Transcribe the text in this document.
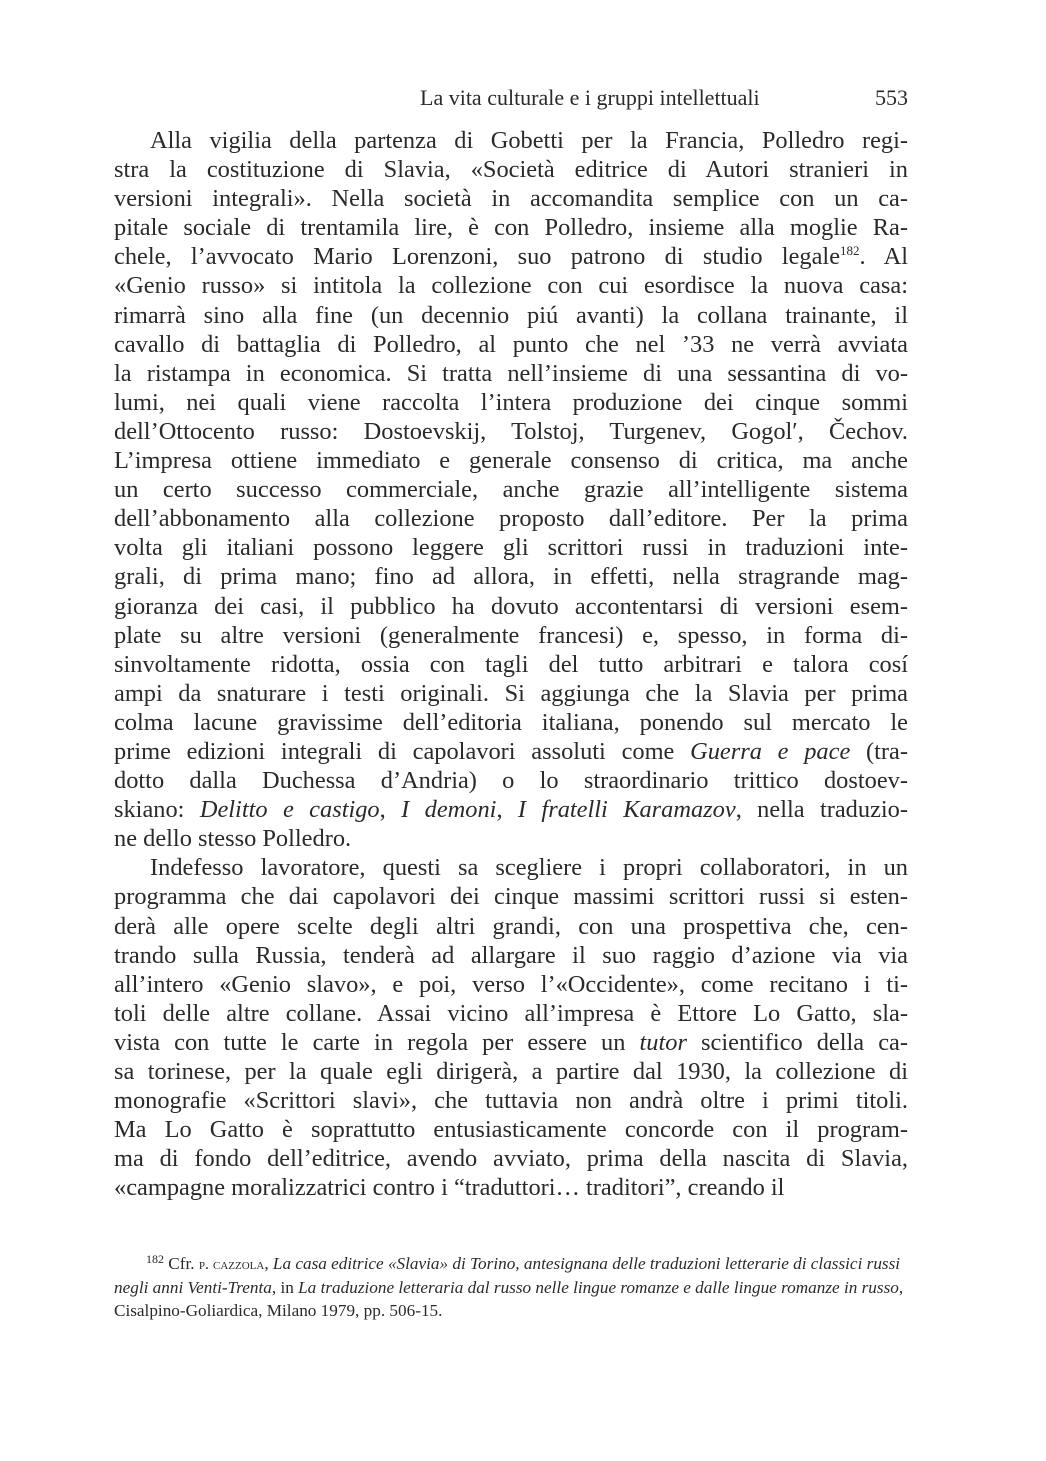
La vita culturale e i gruppi intellettuali	553
Alla vigilia della partenza di Gobetti per la Francia, Polledro regi-
stra la costituzione di Slavia, «Società editrice di Autori stranieri in
versioni integrali». Nella società in accomandita semplice con un ca-
pitale sociale di trentamila lire, è con Polledro, insieme alla moglie Ra-
chele, l’avvocato Mario Lorenzoni, suo patrono di studio legale$^{182}$. Al
«Genio russo» si intitola la collezione con cui esordisce la nuova casa:
rimarrà sino alla fine (un decennio piú avanti) la collana trainante, il
cavallo di battaglia di Polledro, al punto che nel ’33 ne verrà avviata
la ristampa in economica. Si tratta nell’insieme di una sessantina di vo-
lumi, nei quali viene raccolta l’intera produzione dei cinque sommi
dell’Ottocento russo: Dostoevskij, Tolstoj, Turgenev, Gogol′, Čechov.
L’impresa ottiene immediato e generale consenso di critica, ma anche
un certo successo commerciale, anche grazie all’intelligente sistema
dell’abbonamento alla collezione proposto dall’editore. Per la prima
volta gli italiani possono leggere gli scrittori russi in traduzioni inte-
grali, di prima mano; fino ad allora, in effetti, nella stragrande mag-
gioranza dei casi, il pubblico ha dovuto accontentarsi di versioni esem-
plate su altre versioni (generalmente francesi) e, spesso, in forma di-
sinvoltamente ridotta, ossia con tagli del tutto arbitrari e talora cosí
ampi da snaturare i testi originali. Si aggiunga che la Slavia per prima
colma lacune gravissime dell’editoria italiana, ponendo sul mercato le
prime edizioni integrali di capolavori assoluti come Guerra e pace (tra-
dotto dalla Duchessa d’Andria) o lo straordinario trittico dostoev-
skiano: Delitto e castigo, I demoni, I fratelli Karamazov, nella traduzio-
ne dello stesso Polledro.
Indefesso lavoratore, questi sa scegliere i propri collaboratori, in un
programma che dai capolavori dei cinque massimi scrittori russi si esten-
derà alle opere scelte degli altri grandi, con una prospettiva che, cen-
trando sulla Russia, tenderà ad allargare il suo raggio d’azione via via
all’intero «Genio slavo», e poi, verso l’«Occidente», come recitano i ti-
toli delle altre collane. Assai vicino all’impresa è Ettore Lo Gatto, sla-
vista con tutte le carte in regola per essere un tutor scientifico della ca-
sa torinese, per la quale egli dirigerà, a partire dal 1930, la collezione di
monografie «Scrittori slavi», che tuttavia non andrà oltre i primi titoli.
Ma Lo Gatto è soprattutto entusiasticamente concorde con il program-
ma di fondo dell’editrice, avendo avviato, prima della nascita di Slavia,
«campagne moralizzatrici contro i “traduttori… traditori”, creando il
$^{182}$ Cfr. p. cazzola, La casa editrice «Slavia» di Torino, antesignana delle traduzioni letterarie di classici russi negli anni Venti-Trenta, in La traduzione letteraria dal russo nelle lingue romanze e dalle lingue romanze in russo, Cisalpino-Goliardica, Milano 1979, pp. 506-15.
